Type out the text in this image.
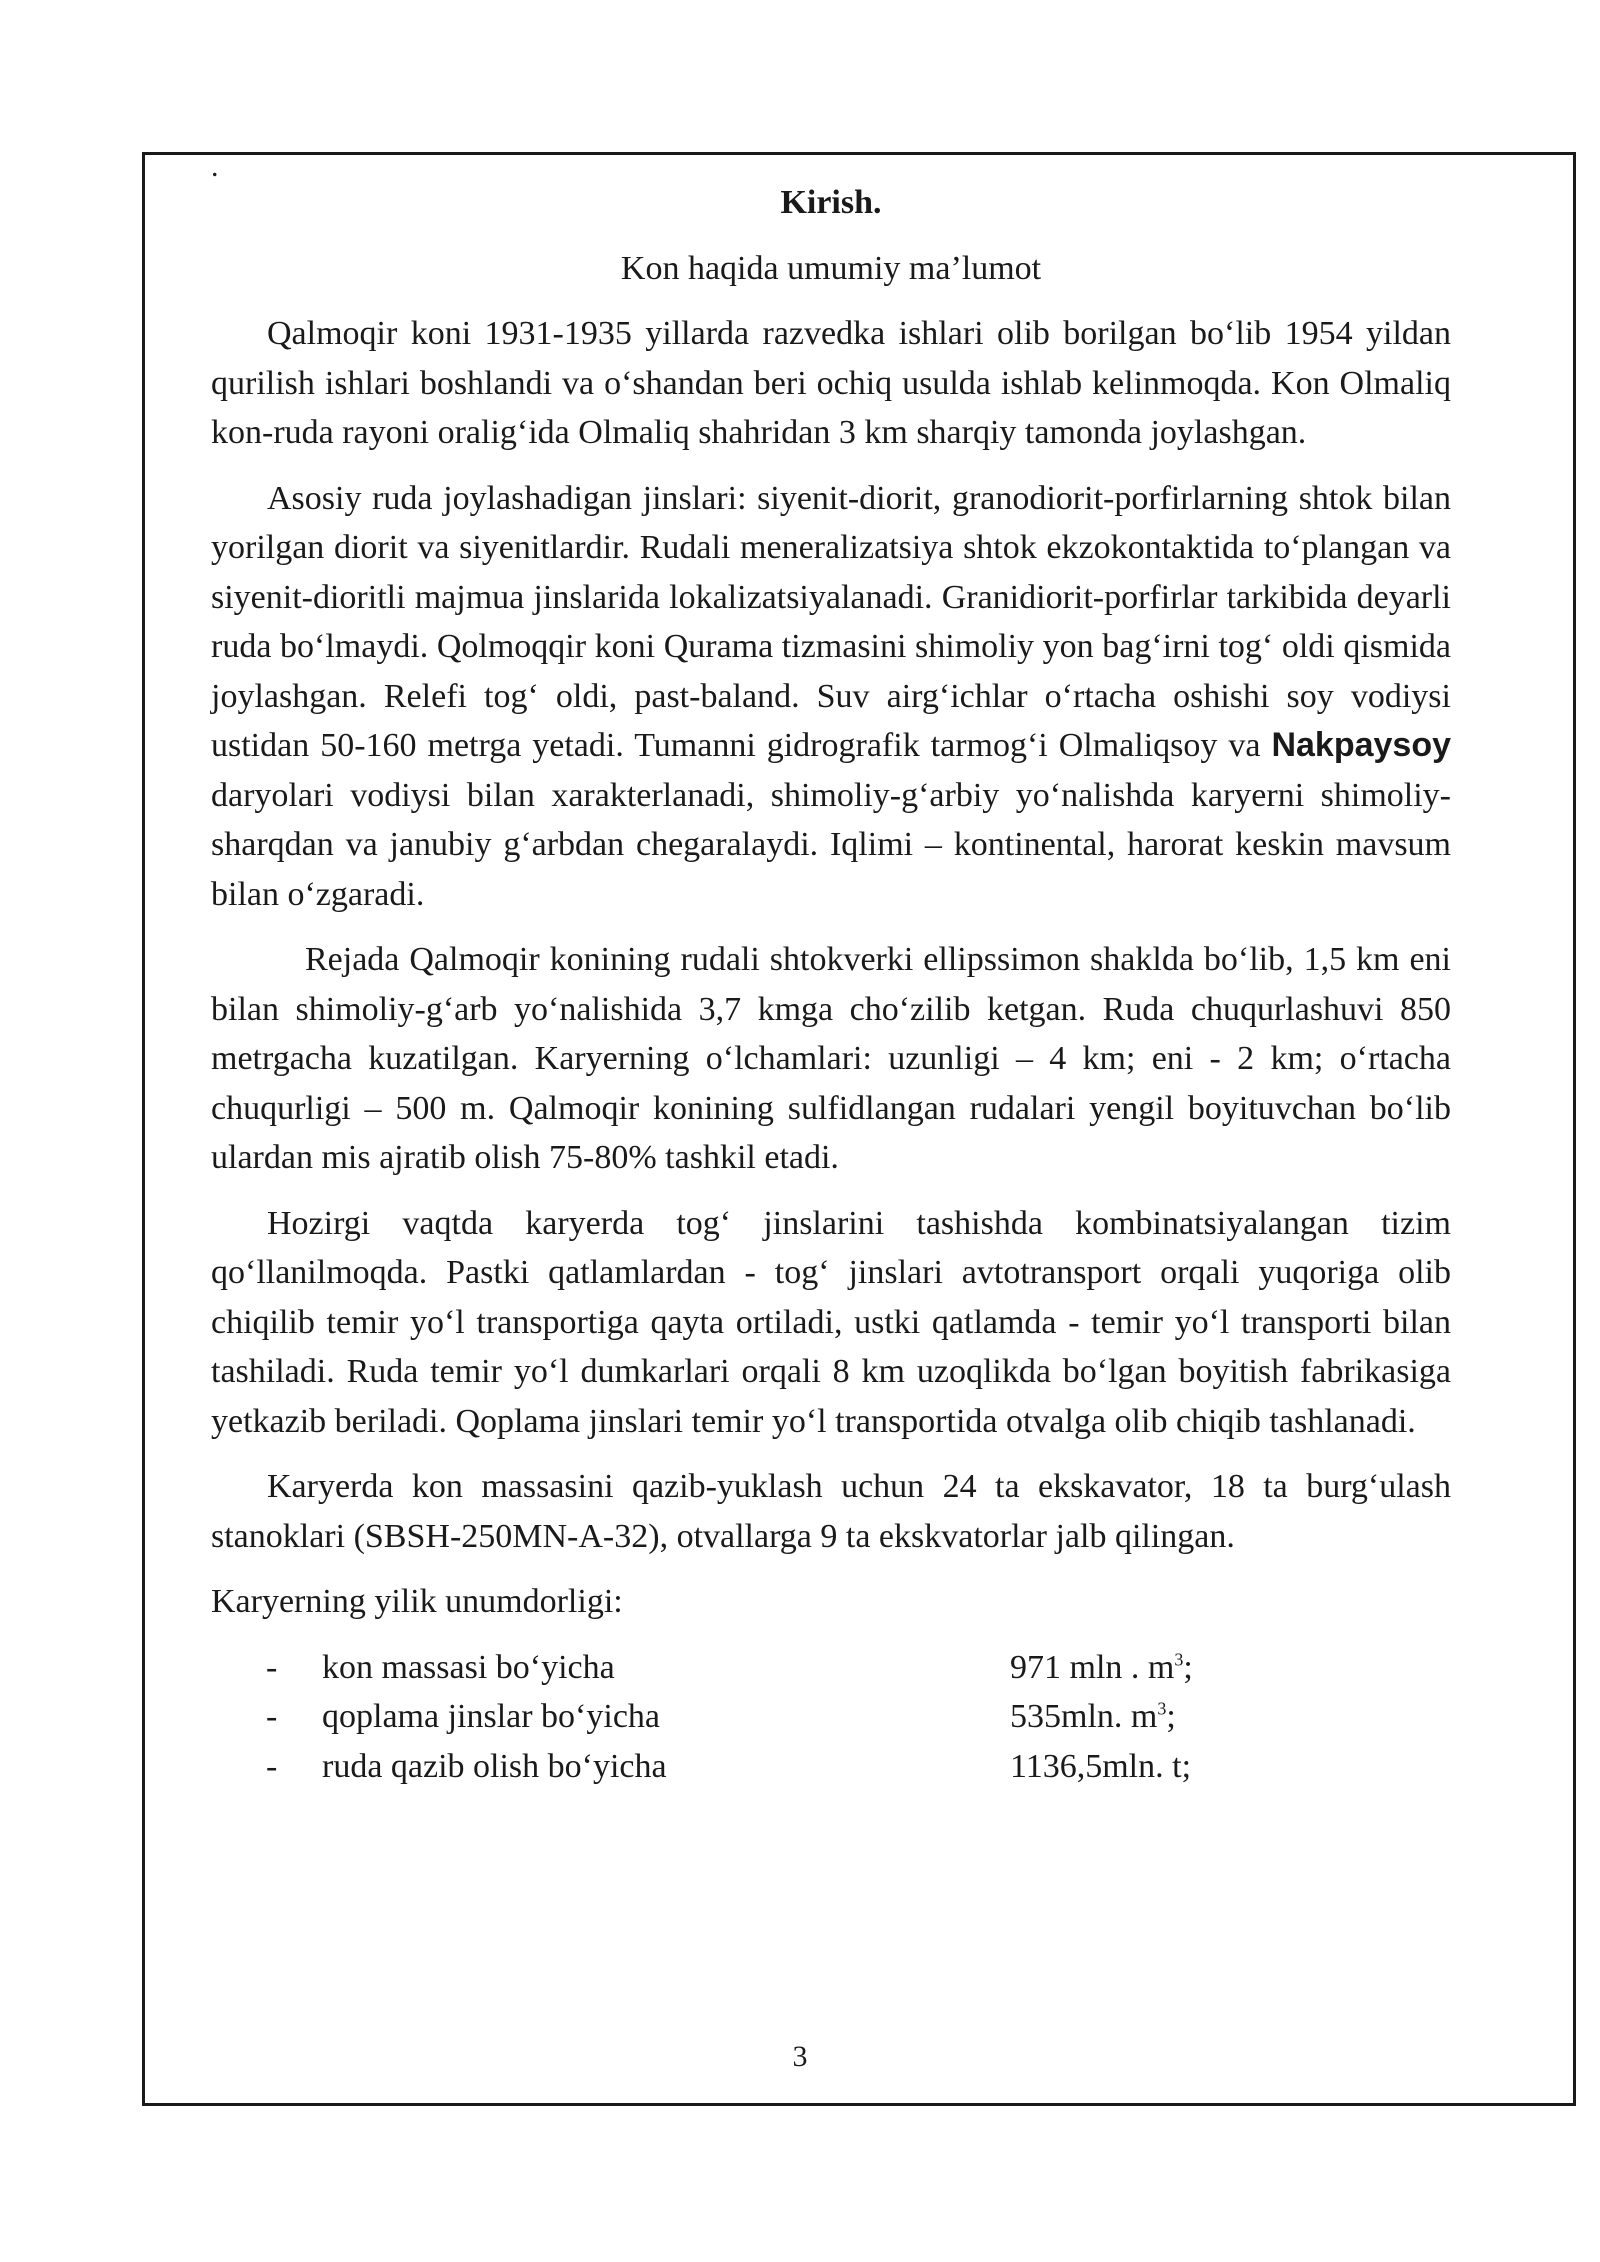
.

Kirish.

Kon haqida umumiy ma’lumot

Qalmoqir koni 1931-1935 yillarda razvedka ishlari olib borilgan bo‘lib 1954 yildan qurilish ishlari boshlandi va o‘shandan beri ochiq usulda ishlab kelinmoqda. Kon Olmaliq kon-ruda rayoni oralig‘ida Olmaliq shahridan 3 km sharqiy tamonda joylashgan.

Asosiy ruda joylashadigan jinslari: siyenit-diorit, granodiorit-porfirlarning shtok bilan yorilgan diorit va siyenitlardir. Rudali meneralizatsiya shtok ekzokontaktida to‘plangan va siyenit-dioritli majmua jinslarida lokalizatsiyalanadi. Granidiorit-porfirlar tarkibida deyarli ruda bo‘lmaydi. Qolmoqqir koni Qurama tizmasini shimoliy yon bag‘irni tog‘ oldi qismida joylashgan. Relefi tog‘ oldi, past-baland. Suv airg‘ichlar o‘rtacha oshishi soy vodiysi ustidan 50-160 metrga yetadi. Tumanni gidrografik tarmog‘i Olmaliqsoy va Nakpaysoy daryolari vodiysi bilan xarakterlanadi, shimoliy-g‘arbiy yo‘nalishda karyerni shimoliy-sharqdan va janubiy g‘arbdan chegaralaydi. Iqlimi – kontinental, harorat keskin mavsum bilan o‘zgaradi.

Rejada Qalmoqir konining rudali shtokverki ellipssimon shaklda bo‘lib, 1,5 km eni bilan shimoliy-g‘arb yo‘nalishida 3,7 kmga cho‘zilib ketgan. Ruda chuqurlashuvi 850 metrgacha kuzatilgan. Karyerning o‘lchamlari: uzunligi – 4 km; eni - 2 km; o‘rtacha chuqurligi – 500 m. Qalmoqir konining sulfidlangan rudalari yengil boyituvchan bo‘lib ulardan mis ajratib olish 75-80% tashkil etadi.

Hozirgi vaqtda karyerda tog‘ jinslarini tashishda kombinatsiyalangan tizim qo‘llanilmoqda. Pastki qatlamlardan - tog‘ jinslari avtotransport orqali yuqoriga olib chiqilib temir yo‘l transportiga qayta ortiladi, ustki qatlamda - temir yo‘l transporti bilan tashiladi. Ruda temir yo‘l dumkarlari orqali 8 km uzoqlikda bo‘lgan boyitish fabrikasiga yetkazib beriladi. Qoplama jinslari temir yo‘l transportida otvalga olib chiqib tashlanadi.

Karyerda kon massasini qazib-yuklash uchun 24 ta ekskavator, 18 ta burg‘ulash stanoklari (SBSH-250MN-A-32), otvallarga 9 ta ekskvatorlar jalb qilingan.

Karyerning yilik unumdorligi:

-	kon massasi bo‘yicha	971 mln . $m^3$;
-	qoplama jinslar bo‘yicha	535mln. $m^3$;
-	ruda qazib olish bo‘yicha	1136,5mln. t;
3
